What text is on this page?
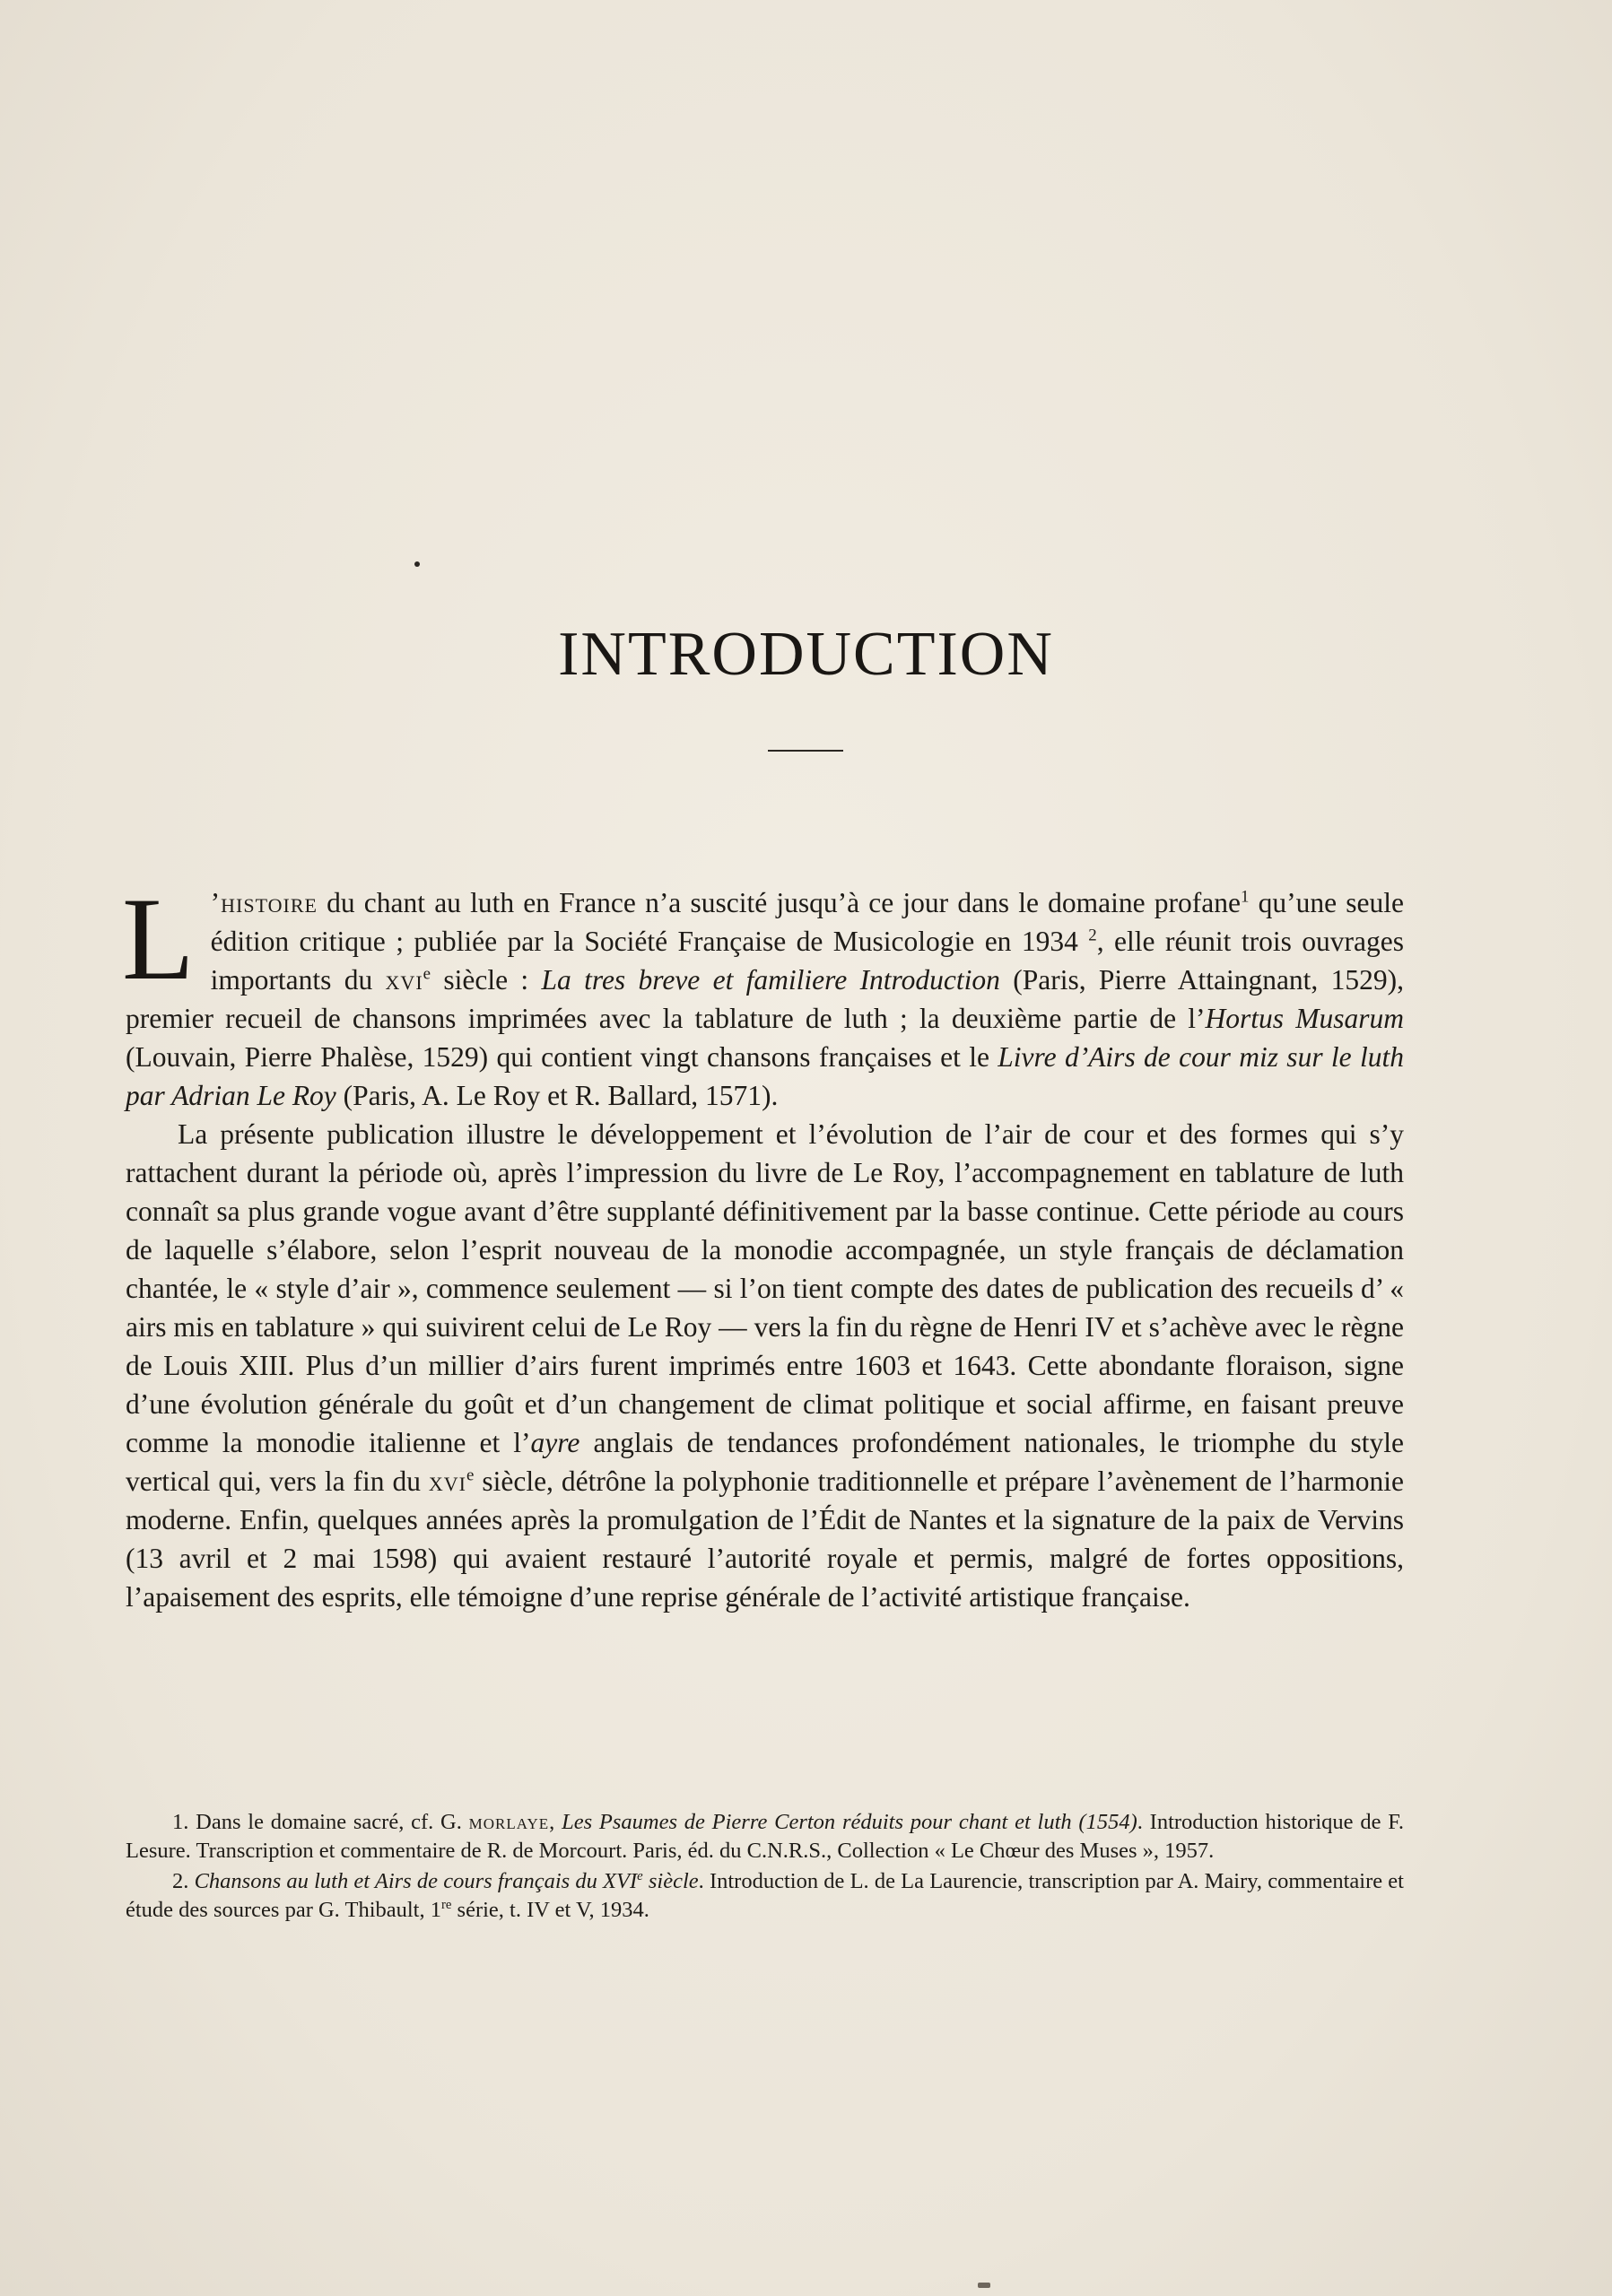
INTRODUCTION

L ’histoire du chant au luth en France n’a suscité jusqu’à ce jour dans le domaine profane$^1$ qu’une seule édition critique ; publiée par la Société Française de Musicologie en 1934 $^2$, elle réunit trois ouvrages importants du xvi$^e$ siècle : La tres breve et familiere Introduction (Paris, Pierre Attaingnant, 1529), premier recueil de chansons imprimées avec la tablature de luth ; la deuxième partie de l’Hortus Musarum (Louvain, Pierre Phalèse, 1529) qui contient vingt chansons françaises et le Livre d’Airs de cour miz sur le luth par Adrian Le Roy (Paris, A. Le Roy et R. Ballard, 1571).

La présente publication illustre le développement et l’évolution de l’air de cour et des formes qui s’y rattachent durant la période où, après l’impression du livre de Le Roy, l’accompagnement en tablature de luth connaît sa plus grande vogue avant d’être supplanté définitivement par la basse continue. Cette période au cours de laquelle s’élabore, selon l’esprit nouveau de la monodie accompagnée, un style français de déclamation chantée, le « style d’air », commence seulement — si l’on tient compte des dates de publication des recueils d’ « airs mis en tablature » qui suivirent celui de Le Roy — vers la fin du règne de Henri IV et s’achève avec le règne de Louis XIII. Plus d’un millier d’airs furent imprimés entre 1603 et 1643. Cette abondante floraison, signe d’une évolution générale du goût et d’un changement de climat politique et social affirme, en faisant preuve comme la monodie italienne et l’ayre anglais de tendances profondément nationales, le triomphe du style vertical qui, vers la fin du xvi$^e$ siècle, détrône la polyphonie traditionnelle et prépare l’avènement de l’harmonie moderne. Enfin, quelques années après la promulgation de l’Édit de Nantes et la signature de la paix de Vervins (13 avril et 2 mai 1598) qui avaient restauré l’autorité royale et permis, malgré de fortes oppositions, l’apaisement des esprits, elle témoigne d’une reprise générale de l’activité artistique française.

1. Dans le domaine sacré, cf. G. morlaye, Les Psaumes de Pierre Certon réduits pour chant et luth (1554). Introduction historique de F. Lesure. Transcription et commentaire de R. de Morcourt. Paris, éd. du C.N.R.S., Collection « Le Chœur des Muses », 1957.

2. Chansons au luth et Airs de cours français du XVIe siècle. Introduction de L. de La Laurencie, transcription par A. Mairy, commentaire et étude des sources par G. Thibault, 1re série, t. IV et V, 1934.
